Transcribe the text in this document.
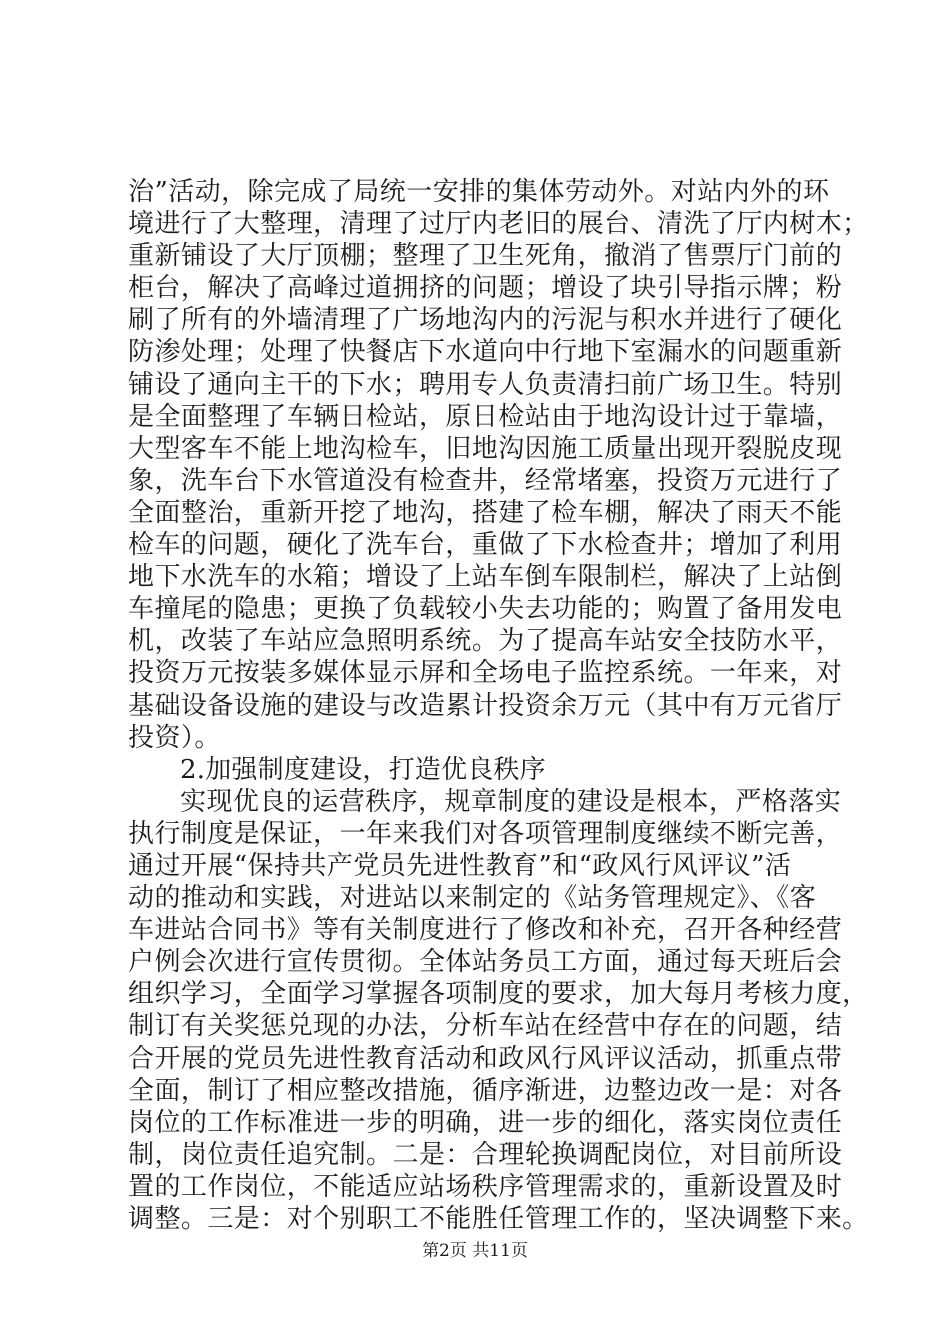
治”活动，除完成了局统一安排的集体劳动外。对站内外的环
境进行了大整理，清理了过厅内老旧的展台、清洗了厅内树木；
重新铺设了大厅顶棚；整理了卫生死角，撤消了售票厅门前的
柜台，解决了高峰过道拥挤的问题；增设了块引导指示牌；粉
刷了所有的外墙清理了广场地沟内的污泥与积水并进行了硬化
防渗处理；处理了快餐店下水道向中行地下室漏水的问题重新
铺设了通向主干的下水；聘用专人负责清扫前广场卫生。特别
是全面整理了车辆日检站，原日检站由于地沟设计过于靠墙，
大型客车不能上地沟检车，旧地沟因施工质量出现开裂脱皮现
象，洗车台下水管道没有检查井，经常堵塞，投资万元进行了
全面整治，重新开挖了地沟，搭建了检车棚，解决了雨天不能
检车的问题，硬化了洗车台，重做了下水检查井；增加了利用
地下水洗车的水箱；增设了上站车倒车限制栏，解决了上站倒
车撞尾的隐患；更换了负载较小失去功能的；购置了备用发电
机，改装了车站应急照明系统。为了提高车站安全技防水平，
投资万元按装多媒体显示屏和全场电子监控系统。一年来，对
基础设备设施的建设与改造累计投资余万元（其中有万元省厅
投资）。
2.加强制度建设，打造优良秩序
实现优良的运营秩序，规章制度的建设是根本，严格落实
执行制度是保证，一年来我们对各项管理制度继续不断完善，
通过开展“保持共产党员先进性教育”和“政风行风评议”活
动的推动和实践，对进站以来制定的《站务管理规定》、《客
车进站合同书》等有关制度进行了修改和补充，召开各种经营
户例会次进行宣传贯彻。全体站务员工方面，通过每天班后会
组织学习，全面学习掌握各项制度的要求，加大每月考核力度，
制订有关奖惩兑现的办法，分析车站在经营中存在的问题，结
合开展的党员先进性教育活动和政风行风评议活动，抓重点带
全面，制订了相应整改措施，循序渐进，边整边改一是：对各
岗位的工作标准进一步的明确，进一步的细化，落实岗位责任
制，岗位责任追究制。二是：合理轮换调配岗位，对目前所设
置的工作岗位，不能适应站场秩序管理需求的，重新设置及时
调整。三是：对个别职工不能胜任管理工作的，坚决调整下来。
第2页 共11页
